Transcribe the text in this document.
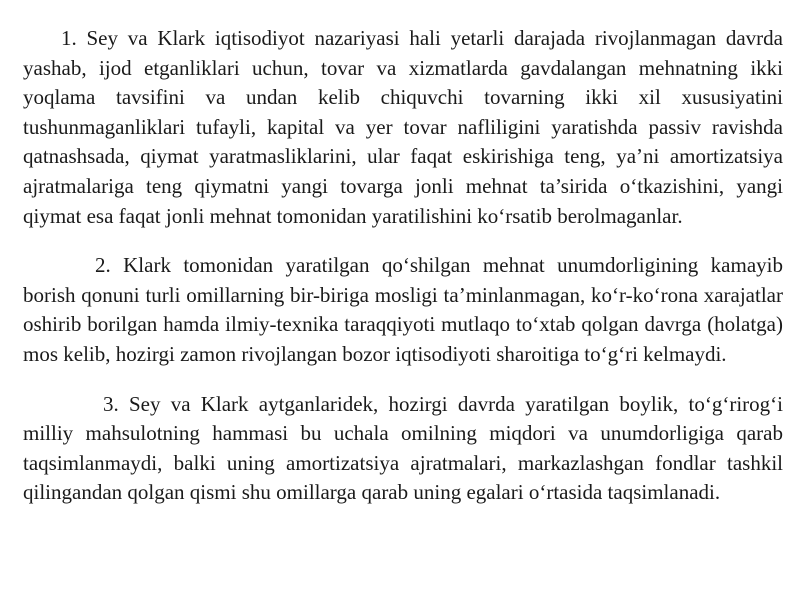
1. Sey va Klark iqtisodiyot nazariyasi hali yetarli darajada rivojlanmagan davrda yashab, ijod etganliklari uchun, tovar va xizmatlarda gavdalangan mehnatning ikki yoqlama tavsifini va undan kelib chiquvchi tovarning ikki xil xususiyatini tushunmaganliklari tufayli, kapital va yer tovar nafliligini yaratishda passiv ravishda qatnashsada, qiymat yaratmasliklarini, ular faqat eskirishiga teng, ya’ni amortizatsiya ajratmalariga teng qiymatni yangi tovarga jonli mehnat ta’sirida o‘tkazishini, yangi qiymat esa faqat jonli mehnat tomonidan yaratilishini ko‘rsatib berolmaganlar.

2. Klark tomonidan yaratilgan qo‘shilgan mehnat unumdorligining kamayib borish qonuni turli omillarning bir-biriga mosligi ta’minlanmagan, ko‘r-ko‘rona xarajatlar oshirib borilgan hamda ilmiy-texnika taraqqiyoti mutlaqo to‘xtab qolgan davrga (holatga) mos kelib, hozirgi zamon rivojlangan bozor iqtisodiyoti sharoitiga to‘g‘ri kelmaydi.

3. Sey va Klark aytganlaridek, hozirgi davrda yaratilgan boylik, to‘g‘rirog‘i milliy mahsulotning hammasi bu uchala omilning miqdori va unumdorligiga qarab taqsimlanmaydi, balki uning amortizatsiya ajratmalari, markazlashgan fondlar tashkil qilingandan qolgan qismi shu omillarga qarab uning egalari o‘rtasida taqsimlanadi.
